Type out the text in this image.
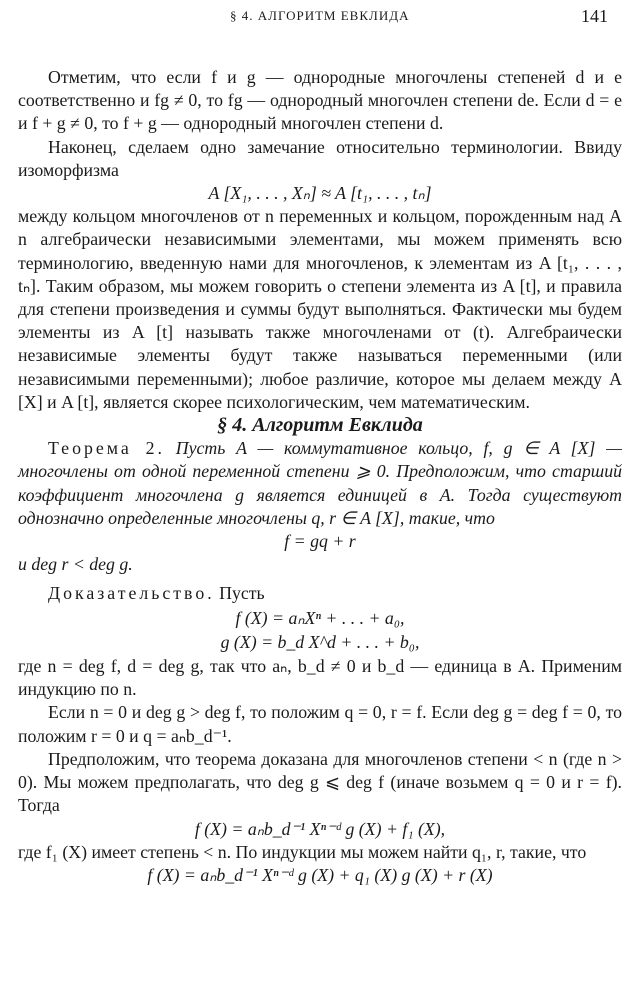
§ 4. АЛГОРИТМ ЕВКЛИДА	141

Отметим, что если f и g — однородные многочлены степеней d и e соответственно и fg ≠ 0, то fg — однородный многочлен степени de. Если d = e и f + g ≠ 0, то f + g — однородный многочлен степени d.

Наконец, сделаем одно замечание относительно терминологии. Ввиду изоморфизма

A [X₁, . . . , Xₙ] ≈ A [t₁, . . . , tₙ]

между кольцом многочленов от n переменных и кольцом, порожденным над A n алгебраически независимыми элементами, мы можем применять всю терминологию, введенную нами для многочленов, к элементам из A [t₁, . . . , tₙ]. Таким образом, мы можем говорить о степени элемента из A [t], и правила для степени произведения и суммы будут выполняться. Фактически мы будем элементы из A [t] называть также многочленами от (t). Алгебраически независимые элементы будут также называться переменными (или независимыми переменными); любое различие, которое мы делаем между A [X] и A [t], является скорее психологическим, чем математическим.

§ 4. Алгоритм Евклида

Теорема 2. Пусть A — коммутативное кольцо, f, g ∈ A [X] — многочлены от одной переменной степени ⩾ 0. Предположим, что старший коэффициент многочлена g является единицей в A. Тогда существуют однозначно определенные многочлены q, r ∈ A [X], такие, что

f = gq + r

и deg r < deg g.

Доказательство. Пусть

f (X) = aₙXⁿ + . . . + a₀,

g (X) = b_d X^d + . . . + b₀,

где n = deg f, d = deg g, так что aₙ, b_d ≠ 0 и b_d — единица в A. Применим индукцию по n.

Если n = 0 и deg g > deg f, то положим q = 0, r = f. Если deg g = deg f = 0, то положим r = 0 и q = aₙb_d⁻¹.

Предположим, что теорема доказана для многочленов степени < n (где n > 0). Мы можем предполагать, что deg g ⩽ deg f (иначе возьмем q = 0 и r = f). Тогда

f (X) = aₙb_d⁻¹ Xⁿ⁻ᵈ g (X) + f₁ (X),

где f₁ (X) имеет степень < n. По индукции мы можем найти q₁, r, такие, что

f (X) = aₙb_d⁻¹ Xⁿ⁻ᵈ g (X) + q₁ (X) g (X) + r (X)
